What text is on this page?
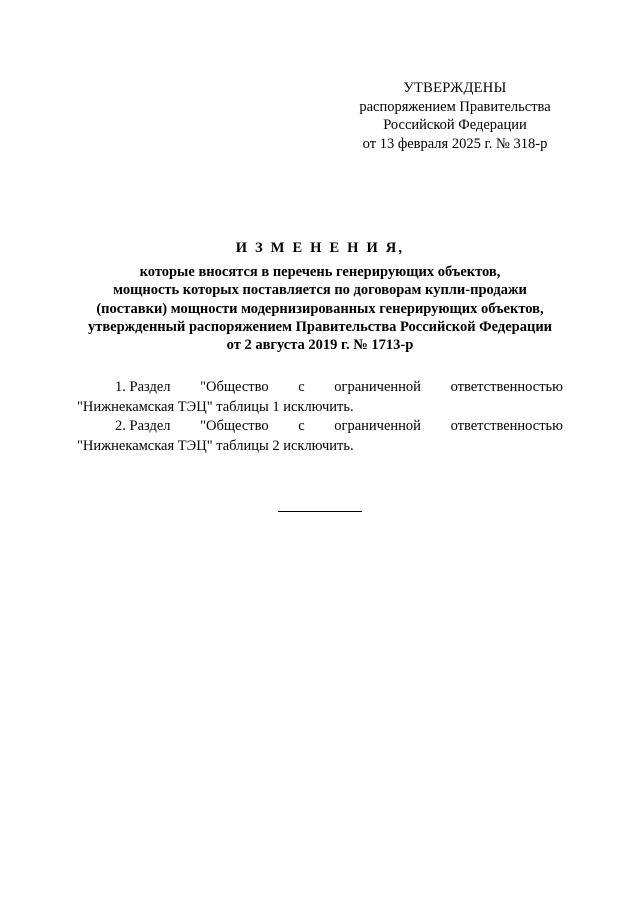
УТВЕРЖДЕНЫ
распоряжением Правительства
Российской Федерации
от 13 февраля 2025 г. № 318-р
И З М Е Н Е Н И Я,
которые вносятся в перечень генерирующих объектов,
мощность которых поставляется по договорам купли-продажи
(поставки) мощности модернизированных генерирующих объектов,
утвержденный распоряжением Правительства Российской Федерации
от 2 августа 2019 г. № 1713-р
1. Раздел "Общество с ограниченной ответственностью
"Нижнекамская ТЭЦ" таблицы 1 исключить.
2. Раздел "Общество с ограниченной ответственностью
"Нижнекамская ТЭЦ" таблицы 2 исключить.
